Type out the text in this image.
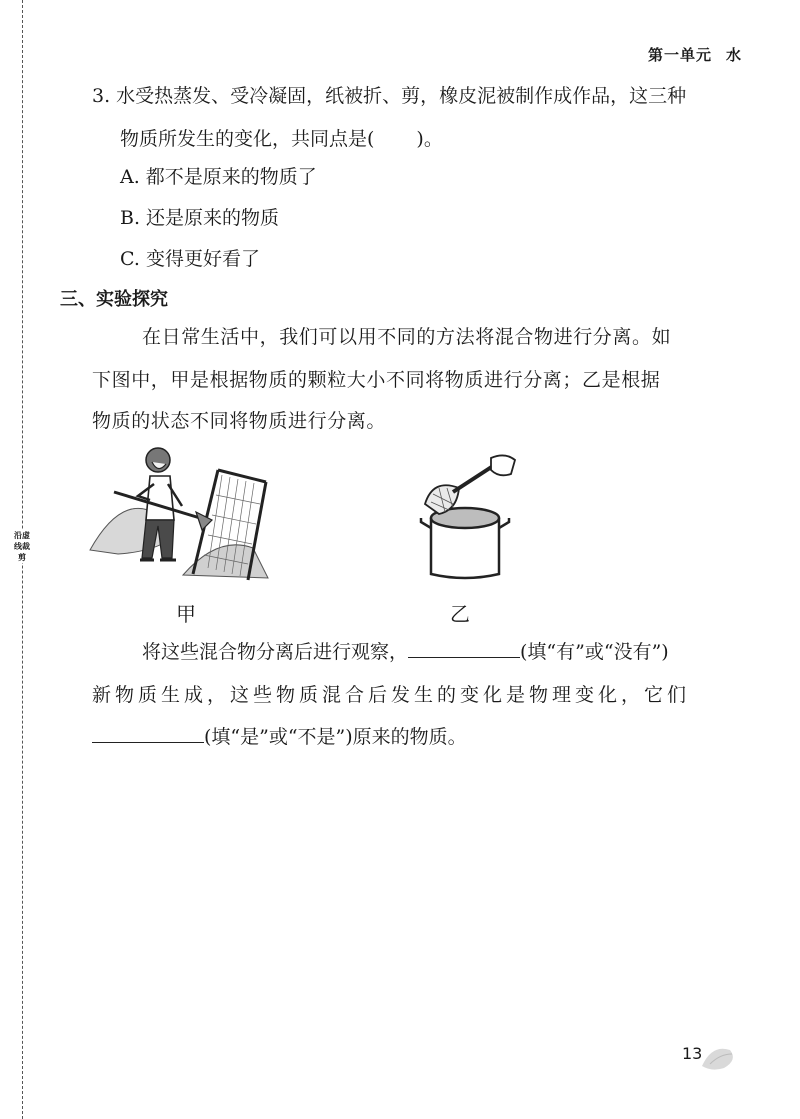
沿虚线裁剪
第一单元 水
3. 水受热蒸发、受冷凝固，纸被折、剪，橡皮泥被制作成作品，这三种
物质所发生的变化，共同点是( )。
A. 都不是原来的物质了
B. 还是原来的物质
C. 变得更好看了
三、实验探究
在日常生活中，我们可以用不同的方法将混合物进行分离。如
下图中，甲是根据物质的颗粒大小不同将物质进行分离；乙是根据
物质的状态不同将物质进行分离。
甲	乙
将这些混合物分离后进行观察，	(填“有”或“没有”)
新物质生成，这些物质混合后发生的变化是物理变化，它们
(填“是”或“不是”)原来的物质。
13
